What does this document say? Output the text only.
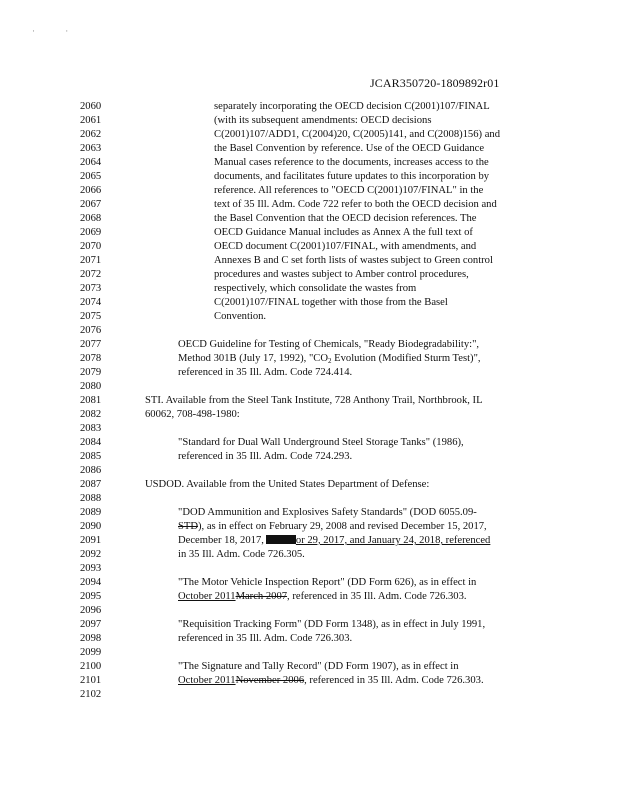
· ·
JCAR350720-1809892r01
2060	separately incorporating the OECD decision C(2001)107/FINAL
2061	(with its subsequent amendments: OECD decisions
2062	C(2001)107/ADD1, C(2004)20, C(2005)141, and C(2008)156) and
2063	the Basel Convention by reference. Use of the OECD Guidance
2064	Manual cases reference to the documents, increases access to the
2065	documents, and facilitates future updates to this incorporation by
2066	reference. All references to "OECD C(2001)107/FINAL" in the
2067	text of 35 Ill. Adm. Code 722 refer to both the OECD decision and
2068	the Basel Convention that the OECD decision references. The
2069	OECD Guidance Manual includes as Annex A the full text of
2070	OECD document C(2001)107/FINAL, with amendments, and
2071	Annexes B and C set forth lists of wastes subject to Green control
2072	procedures and wastes subject to Amber control procedures,
2073	respectively, which consolidate the wastes from
2074	C(2001)107/FINAL together with those from the Basel
2075	Convention.
2076
2077	OECD Guideline for Testing of Chemicals, "Ready Biodegradability:",
2078	Method 301B (July 17, 1992), "$CO_2$ Evolution (Modified Sturm Test)",
2079	referenced in 35 Ill. Adm. Code 724.414.
2080
2081	STI. Available from the Steel Tank Institute, 728 Anthony Trail, Northbrook, IL
2082	60062, 708-498-1980:
2083
2084	"Standard for Dual Wall Underground Steel Storage Tanks" (1986),
2085	referenced in 35 Ill. Adm. Code 724.293.
2086
2087	USDOD. Available from the United States Department of Defense:
2088
2089	"DOD Ammunition and Explosives Safety Standards" (DOD 6055.09-
2090	STD), as in effect on February 29, 2008 and revised December 15, 2017,
2091	December 18, 2017,	or 29, 2017, and January 24, 2018, referenced
2092	in 35 Ill. Adm. Code 726.305.
2093
2094	"The Motor Vehicle Inspection Report" (DD Form 626), as in effect in
2095	October 2011March 2007, referenced in 35 Ill. Adm. Code 726.303.
2096
2097	"Requisition Tracking Form" (DD Form 1348), as in effect in July 1991,
2098	referenced in 35 Ill. Adm. Code 726.303.
2099
2100	"The Signature and Tally Record" (DD Form 1907), as in effect in
2101	October 2011November 2006, referenced in 35 Ill. Adm. Code 726.303.
2102
